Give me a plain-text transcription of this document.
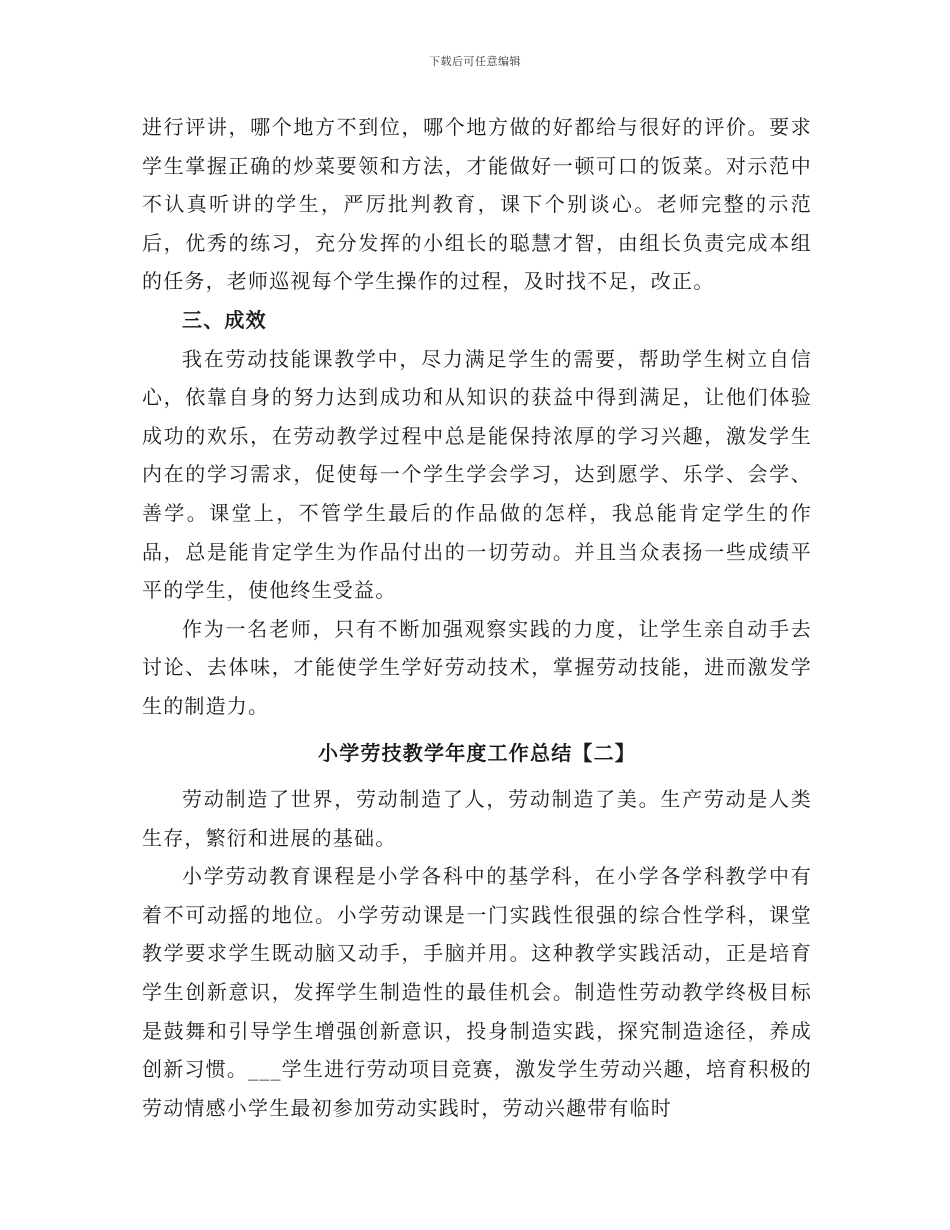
下载后可任意编辑

进行评讲，哪个地方不到位，哪个地方做的好都给与很好的评价。要求学生掌握正确的炒菜要领和方法，才能做好一顿可口的饭菜。对示范中不认真听讲的学生，严厉批判教育，课下个别谈心。老师完整的示范后，优秀的练习，充分发挥的小组长的聪慧才智，由组长负责完成本组的任务，老师巡视每个学生操作的过程，及时找不足，改正。

三、成效

我在劳动技能课教学中，尽力满足学生的需要，帮助学生树立自信心，依靠自身的努力达到成功和从知识的获益中得到满足，让他们体验成功的欢乐，在劳动教学过程中总是能保持浓厚的学习兴趣，激发学生内在的学习需求，促使每一个学生学会学习，达到愿学、乐学、会学、善学。课堂上，不管学生最后的作品做的怎样，我总能肯定学生的作品，总是能肯定学生为作品付出的一切劳动。并且当众表扬一些成绩平平的学生，使他终生受益。

作为一名老师，只有不断加强观察实践的力度，让学生亲自动手去讨论、去体味，才能使学生学好劳动技术，掌握劳动技能，进而激发学生的制造力。

小学劳技教学年度工作总结【二】

劳动制造了世界，劳动制造了人，劳动制造了美。生产劳动是人类生存，繁衍和进展的基础。

小学劳动教育课程是小学各科中的基学科，在小学各学科教学中有着不可动摇的地位。小学劳动课是一门实践性很强的综合性学科，课堂教学要求学生既动脑又动手，手脑并用。这种教学实践活动，正是培育学生创新意识，发挥学生制造性的最佳机会。制造性劳动教学终极目标是鼓舞和引导学生增强创新意识，投身制造实践，探究制造途径，养成创新习惯。___学生进行劳动项目竞赛，激发学生劳动兴趣，培育积极的劳动情感小学生最初参加劳动实践时，劳动兴趣带有临时
